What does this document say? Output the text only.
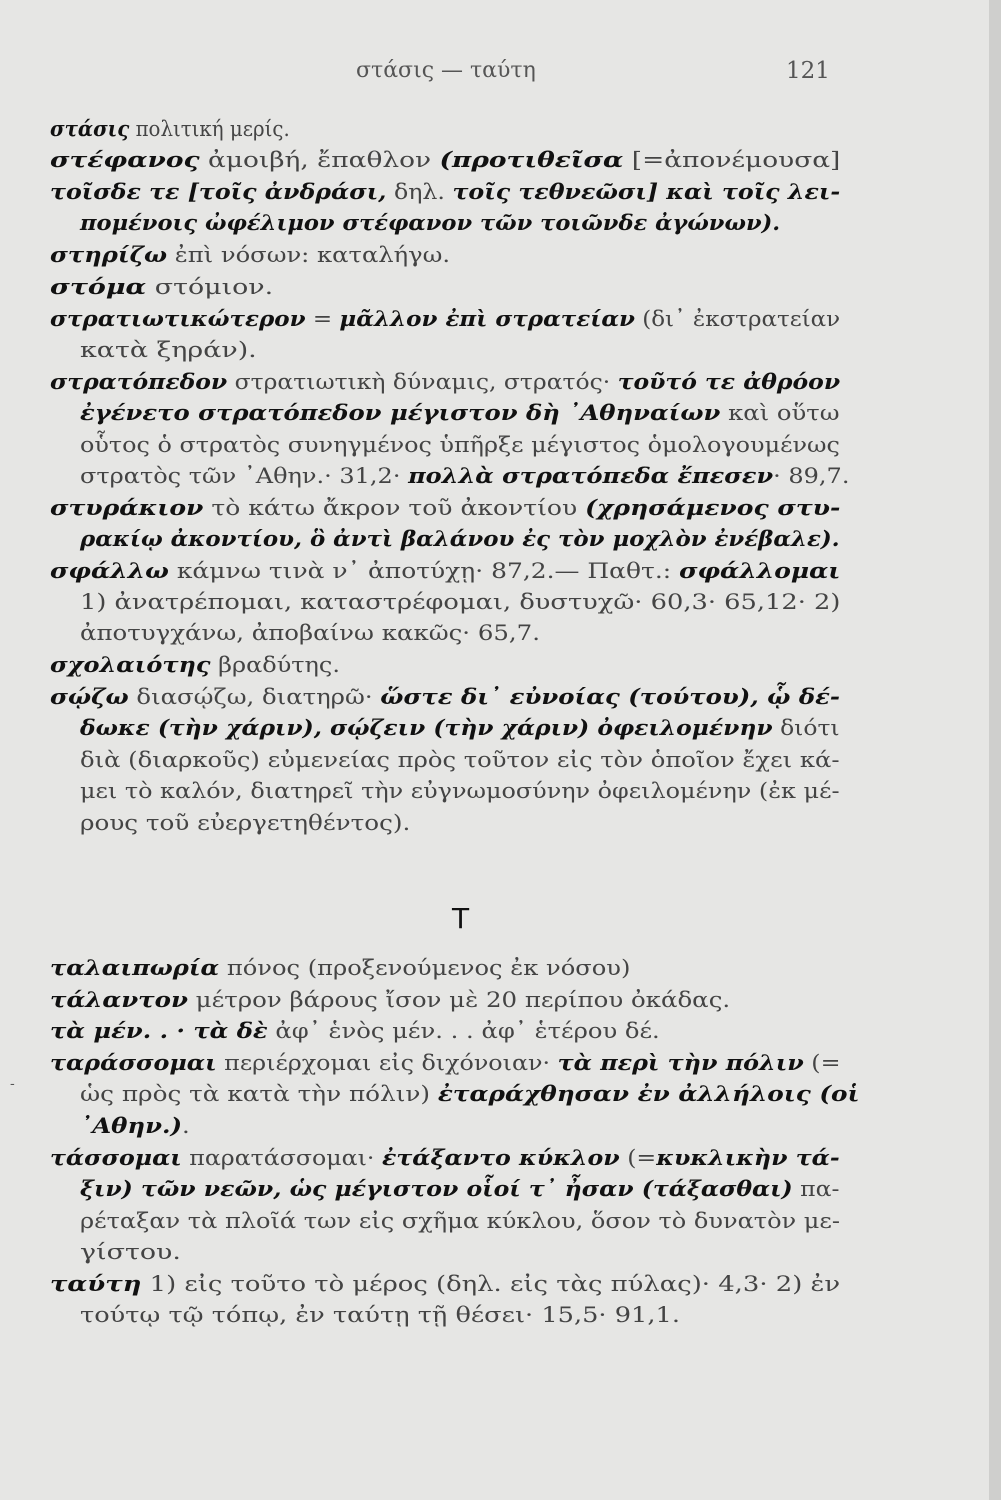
στάσις — ταύτη	121
στάσις πολιτική μερίς.
στέφανος ἀμοιβή, ἔπαθλον (προτιθεῖσα [=ἀπονέμουσα]
τοῖσδε τε [τοῖς ἀνδράσι, δηλ. τοῖς τεθνεῶσι] καὶ τοῖς λει-
πομένοις ὠφέλιμον στέφανον τῶν τοιῶνδε ἀγώνων).
στηρίζω ἐπὶ νόσων: καταλήγω.
στόμα στόμιον.
στρατιωτικώτερον = μᾶλλον ἐπὶ στρατείαν (δι᾽ ἐκστρατείαν
κατὰ ξηράν).
στρατόπεδον στρατιωτικὴ δύναμις, στρατός· τοῦτό τε ἀθρόον
ἐγένετο στρατόπεδον μέγιστον δὴ ᾽Αθηναίων καὶ οὕτω
οὗτος ὁ στρατὸς συνηγμένος ὑπῆρξε μέγιστος ὁμολογουμένως
στρατὸς τῶν ᾽Αθην.· 31,2· πολλὰ στρατόπεδα ἔπεσεν· 89,7.
στυράκιον τὸ κάτω ἄκρον τοῦ ἀκοντίου (χρησάμενος στυ-
ρακίῳ ἀκοντίου, ὃ ἀντὶ βαλάνου ἐς τὸν μοχλὸν ἐνέβαλε).
σφάλλω κάμνω τινὰ ν᾽ ἀποτύχῃ· 87,2.— Παθτ.: σφάλλομαι
1) ἀνατρέπομαι, καταστρέφομαι, δυστυχῶ· 60,3· 65,12· 2)
ἀποτυγχάνω, ἀποβαίνω κακῶς· 65,7.
σχολαιότης βραδύτης.
σῴζω διασῴζω, διατηρῶ· ὥστε δι᾽ εὐνοίας (τούτου), ᾧ δέ-
δωκε (τὴν χάριν), σῴζειν (τὴν χάριν) ὀφειλομένην διότι
διὰ (διαρκοῦς) εὐμενείας πρὸς τοῦτον εἰς τὸν ὁποῖον ἔχει κά-
μει τὸ καλόν, διατηρεῖ τὴν εὐγνωμοσύνην ὀφειλομένην (ἐκ μέ-
ρους τοῦ εὐεργετηθέντος).
ταλαιπωρία πόνος (προξενούμενος ἐκ νόσου)
τάλαντον μέτρον βάρους ἴσον μὲ 20 περίπου ὀκάδας.
τὰ μέν. . · τὰ δὲ ἀφ᾽ ἑνὸς μέν. . . ἀφ᾽ ἑτέρου δέ.
ταράσσομαι περιέρχομαι εἰς διχόνοιαν· τὰ περὶ τὴν πόλιν (=
ὡς πρὸς τὰ κατὰ τὴν πόλιν) ἐταράχθησαν ἐν ἀλλήλοις (οἱ
᾽Αθην.).
τάσσομαι παρατάσσομαι· ἐτάξαντο κύκλον (=κυκλικὴν τά-
ξιν) τῶν νεῶν, ὡς μέγιστον οἷοί τ᾽ ἦσαν (τάξασθαι) πα-
ρέταξαν τὰ πλοῖά των εἰς σχῆμα κύκλου, ὅσον τὸ δυνατὸν με-
γίστου.
ταύτη 1) εἰς τοῦτο τὸ μέρος (δηλ. εἰς τὰς πύλας)· 4,3· 2) ἐν
τούτῳ τῷ τόπῳ, ἐν ταύτῃ τῇ θέσει· 15,5· 91,1.
Τ
-
